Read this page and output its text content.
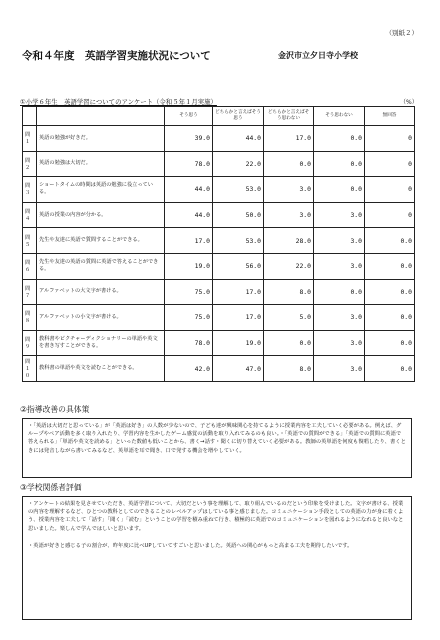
（別紙２）
令和４年度　英語学習実施状況について	金沢市立夕日寺小学校
①小学６年生　英語学習についてのアンケート（令和５年１月実施）	（%）
		そう思う	どちらかと言えばそう思う	どちらかと言えばそう思わない	そう思わない	無回答
問１	英語の勉強が好きだ。	39.0	44.0	17.0	0.0	0
問２	英語の勉強は大切だ。	78.0	22.0	0.0	0.0	0
問３	ショートタイムの時間は英語の勉強に役立っている。	44.0	53.0	3.0	0.0	0
問４	英語の授業の内容が分かる。	44.0	50.0	3.0	3.0	0
問５	先生や友達に英語で質問することができる。	17.0	53.0	28.0	3.0	0.0
問６	先生や友達の英語の質問に英語で答えることができる。	19.0	56.0	22.0	3.0	0.0
問７	アルファベットの大文字が書ける。	75.0	17.0	8.0	0.0	0.0
問８	アルファベットの小文字が書ける。	75.0	17.0	5.0	3.0	0.0
問９	教科書やピクチャーディクショナリーの単語や英文を書き写すことができる。	78.0	19.0	0.0	3.0	0.0
問１０	教科書の単語や英文を読むことができる。	42.0	47.0	8.0	3.0	0.0
②指導改善の具体策

・「英語は大切だと思っている」が「英語は好き」の人数が少ないので、子ども達が興味関心を持てるように授業内容を工夫していく必要がある。例えば、グループやペア活動を多く取り入れたり、学習内容を生かしたゲーム感覚の活動を取り入れてみるのも良い。・「英語での質問ができる」「英語での質問に英語で答えられる」「単語や英文を読める」といった数値も低いことから、書く→話す・聞くに切り替えていく必要がある。教師の英単語を何度も復唱したり、書くときには発音しながら書いてみるなど、英単語を耳で聞き、口で発する機会を増やしていく。

③学校関係者評価

・アンケートの結果を見させていただき、英語学習について、大切だという事を理解して、取り組んでいるのだという印象を受けました。文字が書ける、授業の内容を理解するなど、ひとつの教科としてのできることのレベルアップはしている事と感じました。コミュニケーション手段としての英語の力が身に着くよう、授業内容を工夫して「話す」「聞く」「読む」ということの学習を積み重ねて行き、積極的に英語でのコミュニケーションを図れるようになれると良いなと思いました。楽しんで学んではしいと思います。

・英語が好きと感じる子の割合が、昨年度に比べUPしていてすごいと思いました。英語への関心がもっと高まる工夫を期待したいです。
